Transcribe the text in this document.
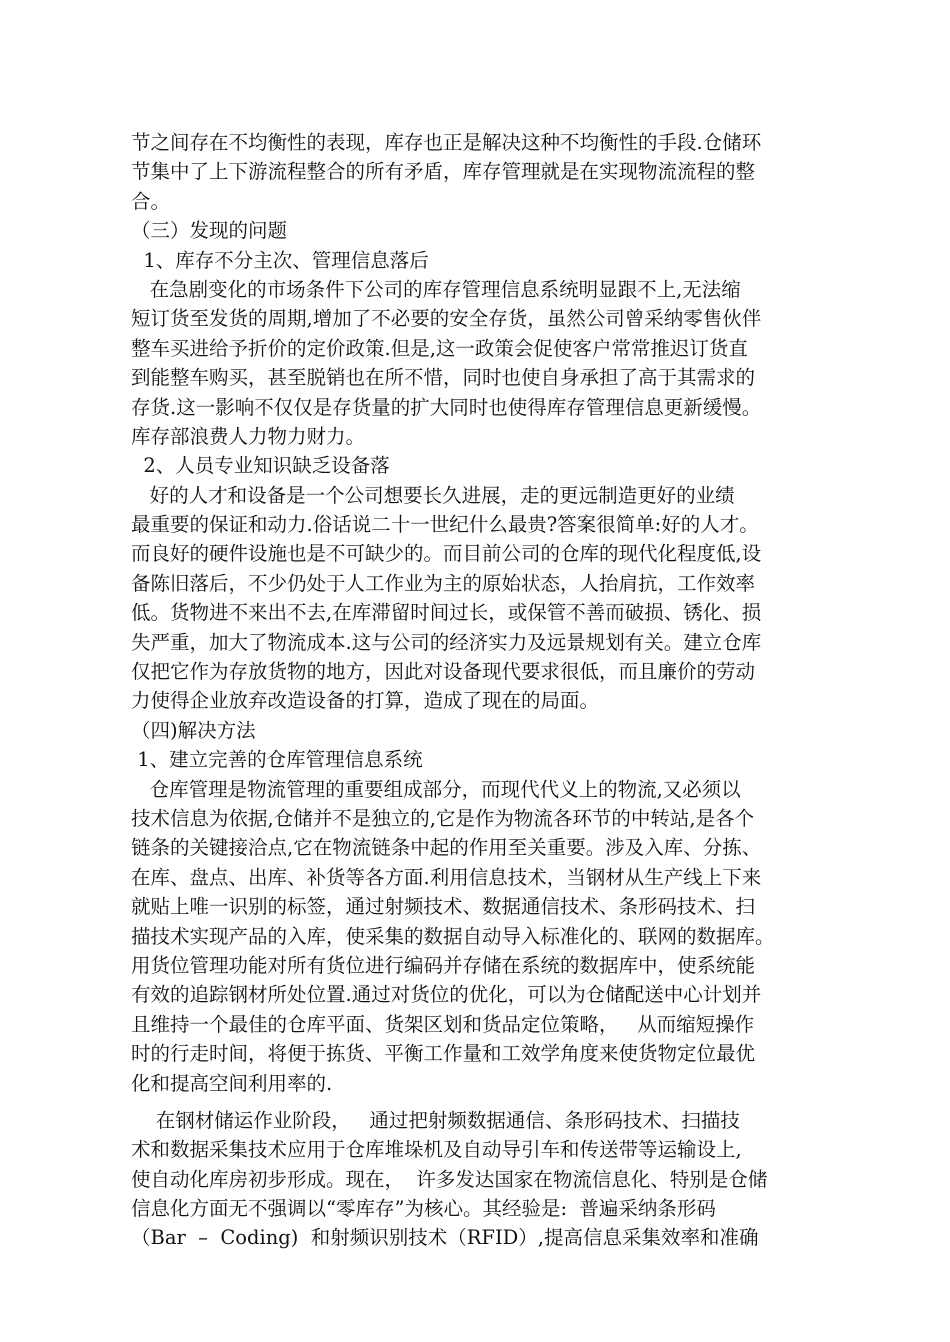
节之间存在不均衡性的表现，库存也正是解决这种不均衡性的手段.仓储环
节集中了上下游流程整合的所有矛盾，库存管理就是在实现物流流程的整
合。
（三）发现的问题
1、库存不分主次、管理信息落后
在急剧变化的市场条件下公司的库存管理信息系统明显跟不上,无法缩
短订货至发货的周期,增加了不必要的安全存货，虽然公司曾采纳零售伙伴
整车买进给予折价的定价政策.但是,这一政策会促使客户常常推迟订货直
到能整车购买，甚至脱销也在所不惜，同时也使自身承担了高于其需求的
存货.这一影响不仅仅是存货量的扩大同时也使得库存管理信息更新缓慢。
库存部浪费人力物力财力。
2、人员专业知识缺乏设备落
好的人才和设备是一个公司想要长久进展，走的更远制造更好的业绩
最重要的保证和动力.俗话说二十一世纪什么最贵?答案很简单:好的人才。
而良好的硬件设施也是不可缺少的。而目前公司的仓库的现代化程度低,设
备陈旧落后，不少仍处于人工作业为主的原始状态，人抬肩抗，工作效率
低。货物进不来出不去,在库滞留时间过长，或保管不善而破损、锈化、损
失严重，加大了物流成本.这与公司的经济实力及远景规划有关。建立仓库
仅把它作为存放货物的地方，因此对设备现代要求很低，而且廉价的劳动
力使得企业放弃改造设备的打算，造成了现在的局面。
（四)解决方法
1、建立完善的仓库管理信息系统
仓库管理是物流管理的重要组成部分，而现代代义上的物流,又必须以
技术信息为依据,仓储并不是独立的,它是作为物流各环节的中转站,是各个
链条的关键接洽点,它在物流链条中起的作用至关重要。涉及入库、分拣、
在库、盘点、出库、补货等各方面.利用信息技术，当钢材从生产线上下来
就贴上唯一识别的标签，通过射频技术、数据通信技术、条形码技术、扫
描技术实现产品的入库，使采集的数据自动导入标准化的、联网的数据库。
用货位管理功能对所有货位进行编码并存储在系统的数据库中，使系统能
有效的追踪钢材所处位置.通过对货位的优化，可以为仓储配送中心计划并
且维持一个最佳的仓库平面、货架区划和货品定位策略，   从而缩短操作
时的行走时间，将便于拣货、平衡工作量和工效学角度来使货物定位最优
化和提高空间利用率的.
在钢材储运作业阶段，   通过把射频数据通信、条形码技术、扫描技
术和数据采集技术应用于仓库堆垛机及自动导引车和传送带等运输设上,
使自动化库房初步形成。现在，  许多发达国家在物流信息化、特别是仓储
信息化方面无不强调以“零库存”为核心。其经验是:  普遍采纳条形码
（Bar  –  Coding)  和射频识别技术（RFID）,提高信息采集效率和准确
